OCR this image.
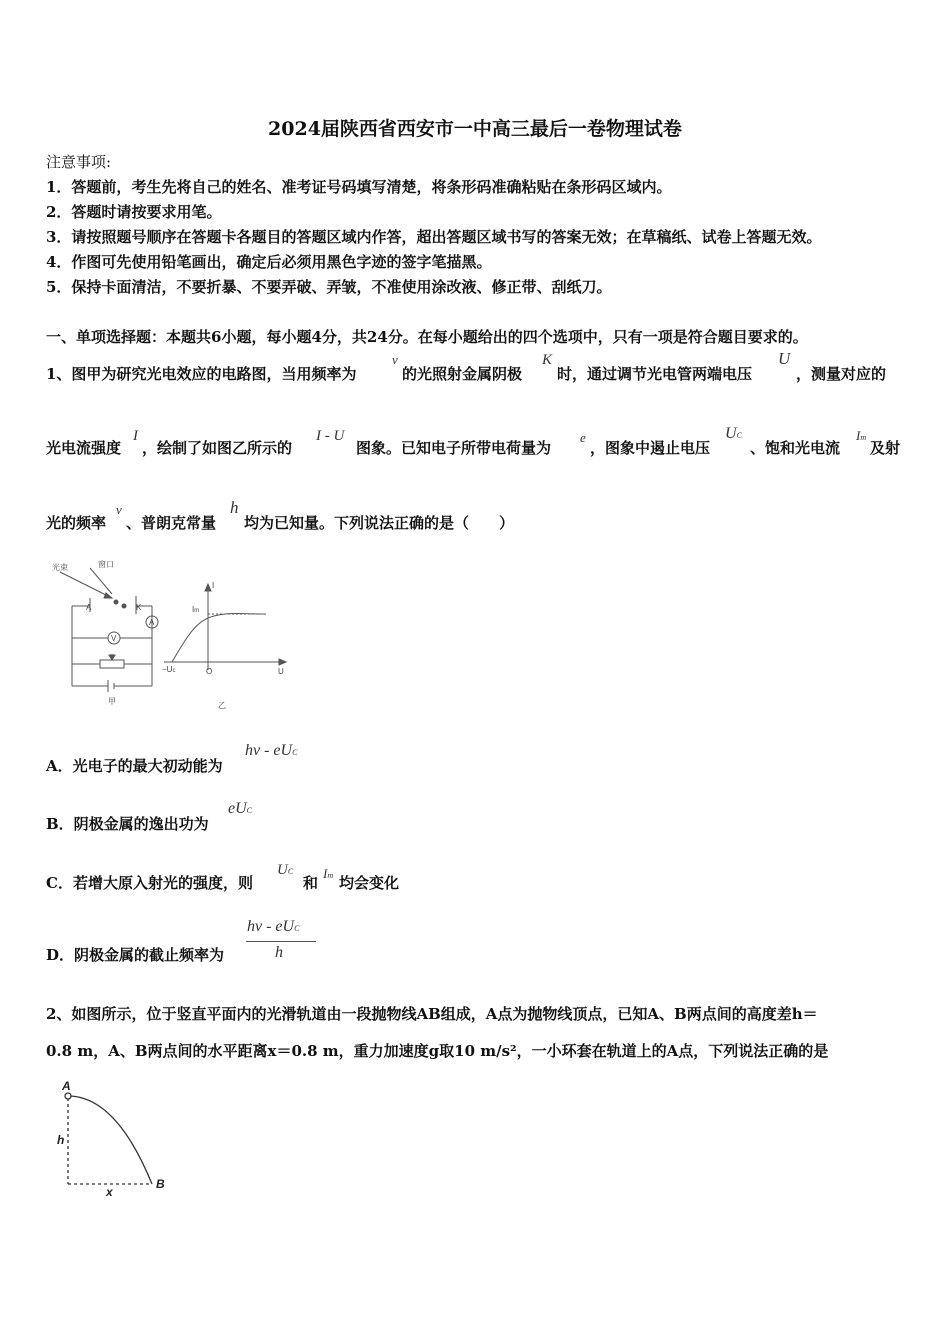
2024届陕西省西安市一中高三最后一卷物理试卷
注意事项:
1．答题前，考生先将自己的姓名、准考证号码填写清楚，将条形码准确粘贴在条形码区域内。
2．答题时请按要求用笔。
3．请按照题号顺序在答题卡各题目的答题区域内作答，超出答题区域书写的答案无效；在草稿纸、试卷上答题无效。
4．作图可先使用铅笔画出，确定后必须用黑色字迹的签字笔描黑。
5．保持卡面清洁，不要折暴、不要弄破、弄皱，不准使用涂改液、修正带、刮纸刀。
一、单项选择题：本题共6小题，每小题4分，共24分。在每小题给出的四个选项中，只有一项是符合题目要求的。
1、图甲为研究光电效应的电路图，当用频率为
v
的光照射金属阴极
K
时，通过调节光电管两端电压
U
，测量对应的
光电流强度
I
，绘制了如图乙所示的
I - U
图象。已知电子所带电荷量为
e
，图象中遏止电压
UC
、饱和光电流
Im
及射
光的频率
v
、普朗克常量
h
均为已知量。下列说法正确的是（　　）
光束	窗口
A	K
V
A
甲	乙
I
U
O
−Uc
Im
A．光电子的最大初动能为
hv - eUC
B．阴极金属的逸出功为
eUC
C．若增大原入射光的强度，则
UC
和
Im 均会变化
D．阴极金属的截止频率为
hv - eUC
h
2、如图所示，位于竖直平面内的光滑轨道由一段抛物线AB组成，A点为抛物线顶点，已知A、B两点间的高度差h＝
0.8 m，A、B两点间的水平距离x＝0.8 m，重力加速度g取10 m/s²，一小环套在轨道上的A点，下列说法正确的是
A
B
h
x
